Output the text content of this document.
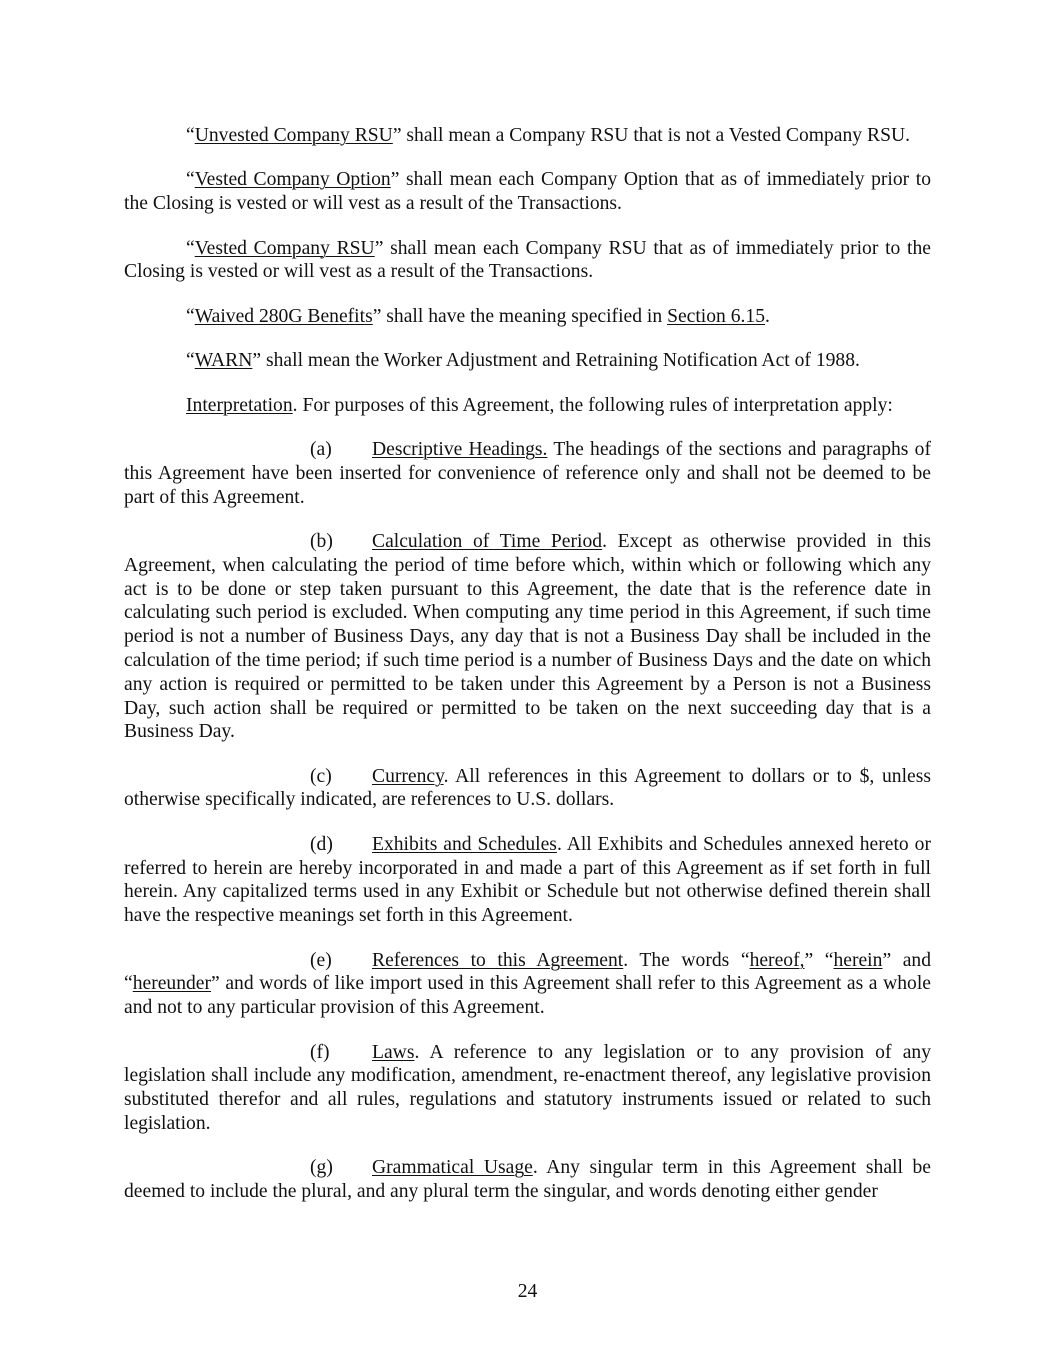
“Unvested Company RSU” shall mean a Company RSU that is not a Vested Company RSU.

“Vested Company Option” shall mean each Company Option that as of immediately prior to the Closing is vested or will vest as a result of the Transactions.

“Vested Company RSU” shall mean each Company RSU that as of immediately prior to the Closing is vested or will vest as a result of the Transactions.

“Waived 280G Benefits” shall have the meaning specified in Section 6.15.

“WARN” shall mean the Worker Adjustment and Retraining Notification Act of 1988.

Interpretation. For purposes of this Agreement, the following rules of interpretation apply:

(a) Descriptive Headings. The headings of the sections and paragraphs of this Agreement have been inserted for convenience of reference only and shall not be deemed to be part of this Agreement.

(b) Calculation of Time Period. Except as otherwise provided in this Agreement, when calculating the period of time before which, within which or following which any act is to be done or step taken pursuant to this Agreement, the date that is the reference date in calculating such period is excluded. When computing any time period in this Agreement, if such time period is not a number of Business Days, any day that is not a Business Day shall be included in the calculation of the time period; if such time period is a number of Business Days and the date on which any action is required or permitted to be taken under this Agreement by a Person is not a Business Day, such action shall be required or permitted to be taken on the next succeeding day that is a Business Day.

(c) Currency. All references in this Agreement to dollars or to $, unless otherwise specifically indicated, are references to U.S. dollars.

(d) Exhibits and Schedules. All Exhibits and Schedules annexed hereto or referred to herein are hereby incorporated in and made a part of this Agreement as if set forth in full herein. Any capitalized terms used in any Exhibit or Schedule but not otherwise defined therein shall have the respective meanings set forth in this Agreement.

(e) References to this Agreement. The words “hereof,” “herein” and “hereunder” and words of like import used in this Agreement shall refer to this Agreement as a whole and not to any particular provision of this Agreement.

(f) Laws. A reference to any legislation or to any provision of any legislation shall include any modification, amendment, re-enactment thereof, any legislative provision substituted therefor and all rules, regulations and statutory instruments issued or related to such legislation.

(g) Grammatical Usage. Any singular term in this Agreement shall be deemed to include the plural, and any plural term the singular, and words denoting either gender

24
